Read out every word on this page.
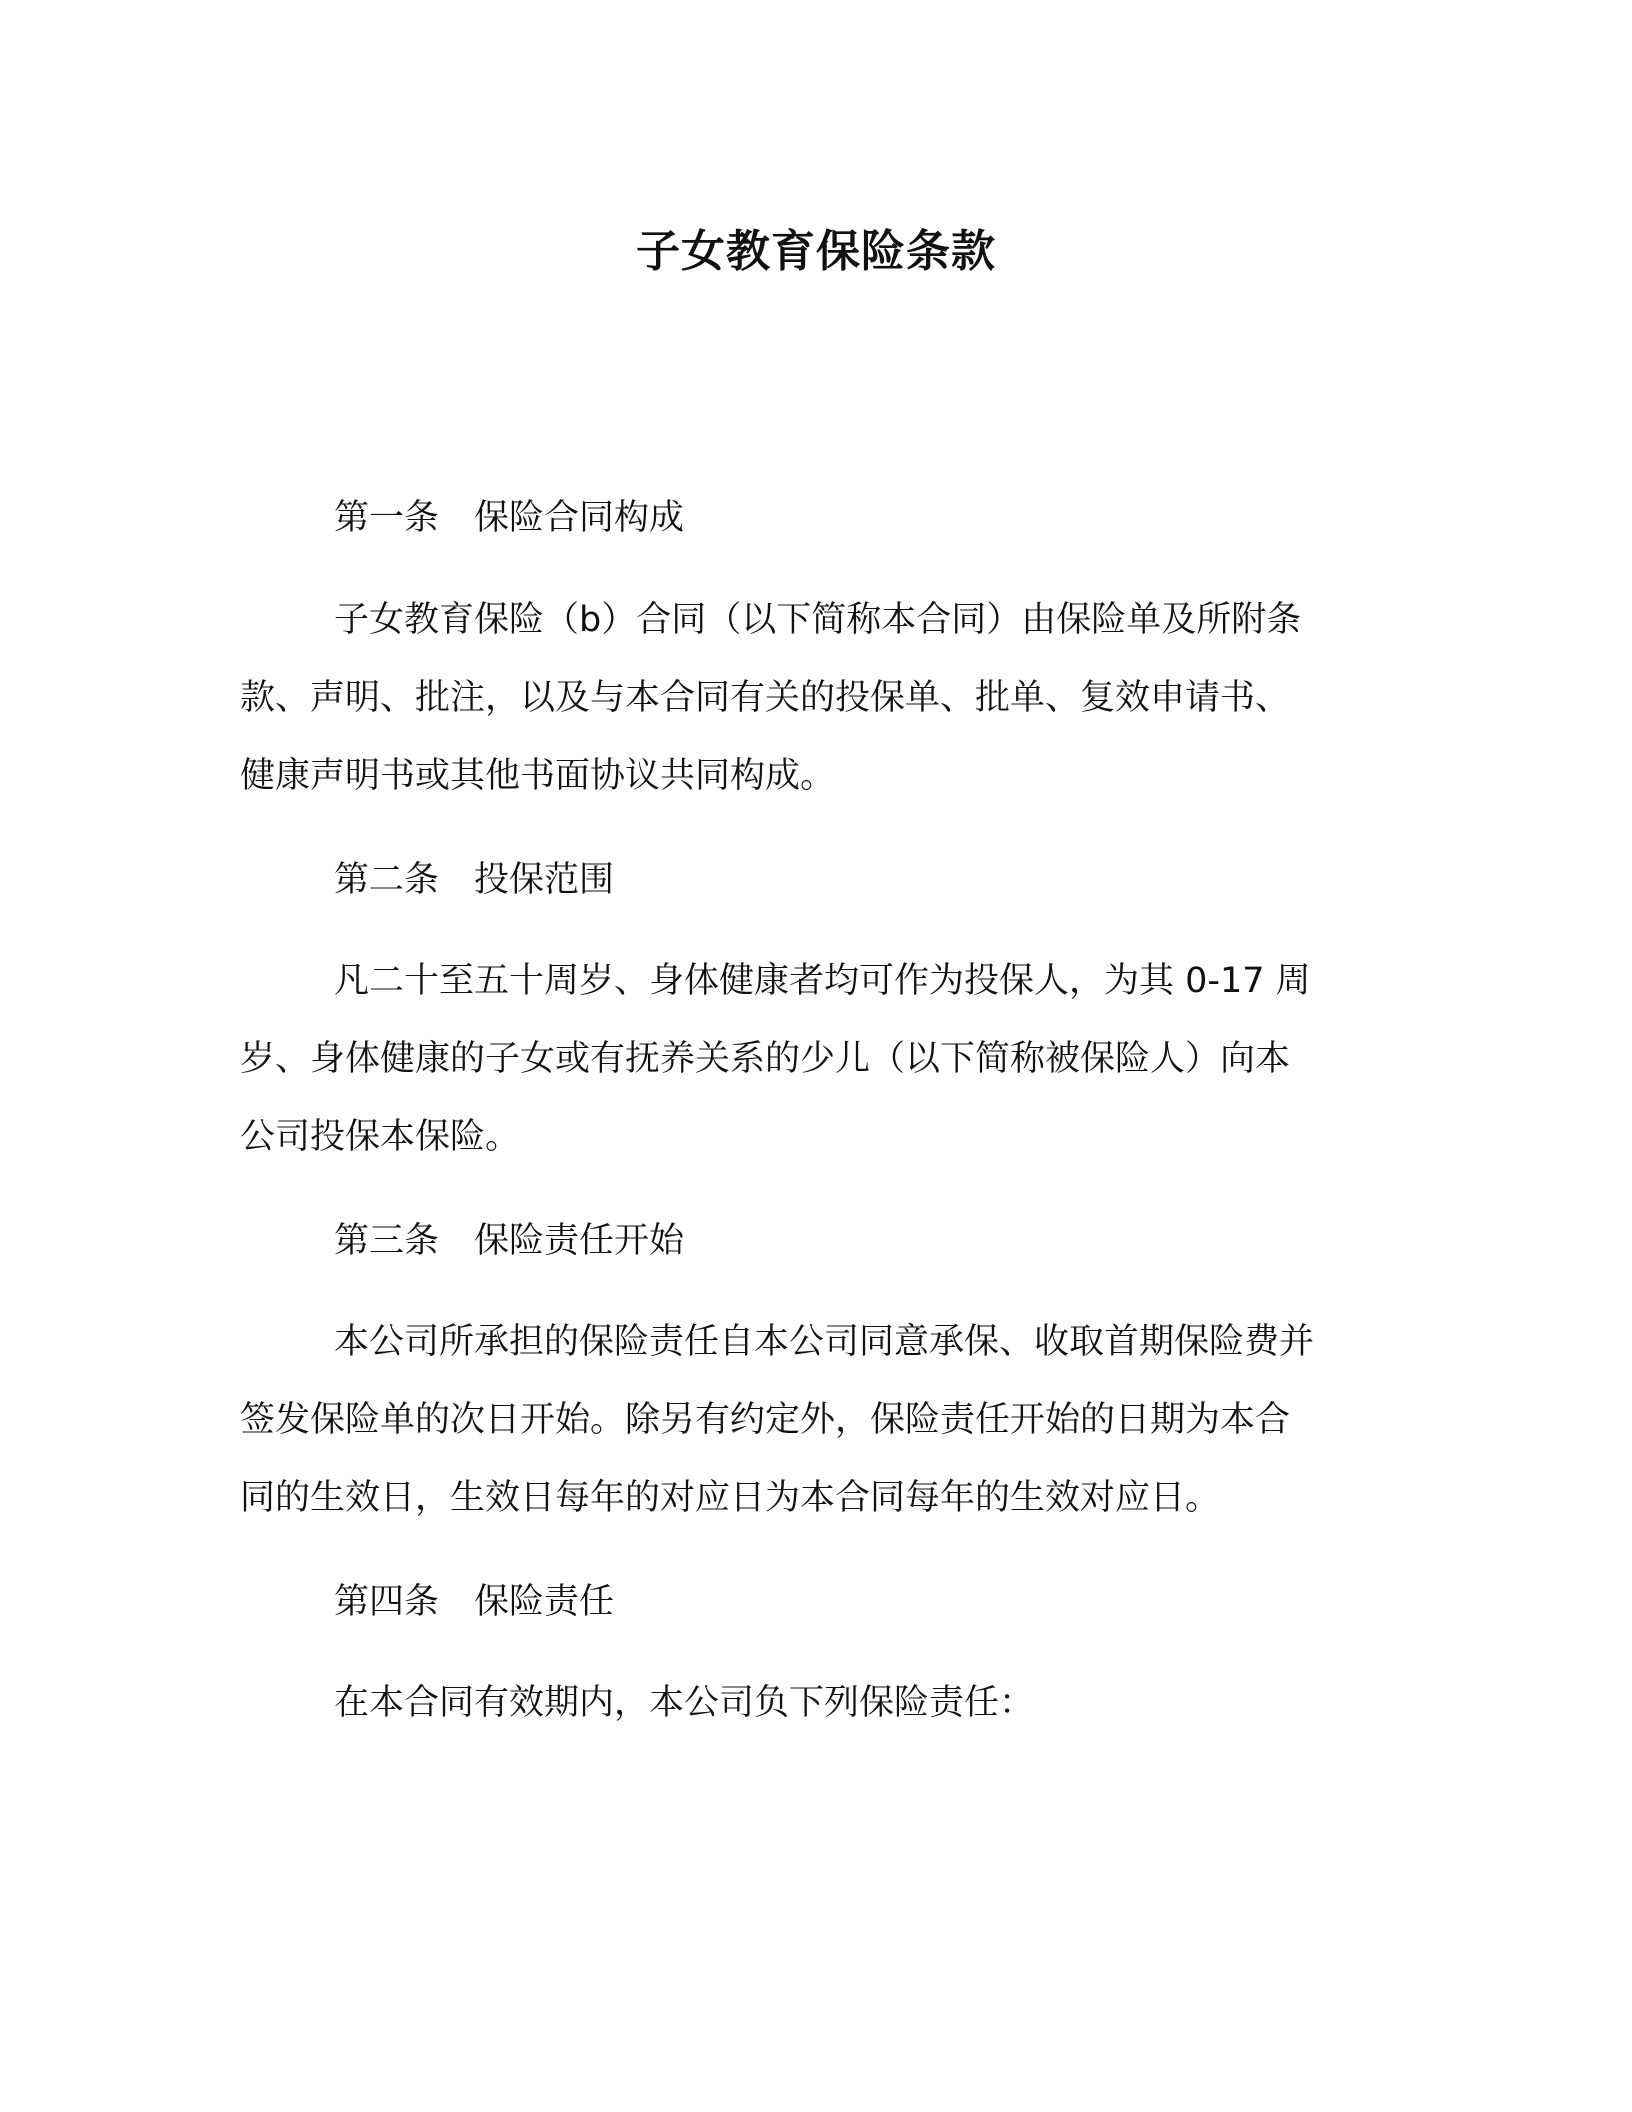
子女教育保险条款
第一条　保险合同构成
子女教育保险（b）合同（以下简称本合同）由保险单及所附条
款、声明、批注，以及与本合同有关的投保单、批单、复效申请书、
健康声明书或其他书面协议共同构成。
第二条　投保范围
凡二十至五十周岁、身体健康者均可作为投保人，为其 0-17 周
岁、身体健康的子女或有抚养关系的少儿（以下简称被保险人）向本
公司投保本保险。
第三条　保险责任开始
本公司所承担的保险责任自本公司同意承保、收取首期保险费并
签发保险单的次日开始。除另有约定外，保险责任开始的日期为本合
同的生效日，生效日每年的对应日为本合同每年的生效对应日。
第四条　保险责任
在本合同有效期内，本公司负下列保险责任：
